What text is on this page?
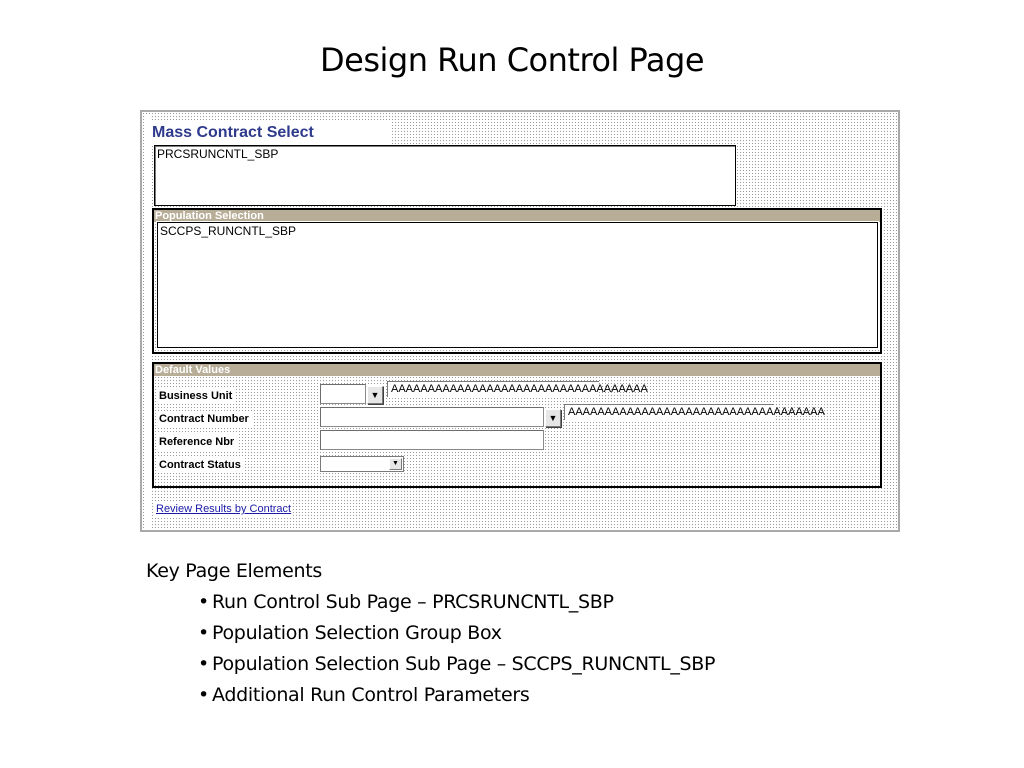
Design Run Control Page
Mass Contract Select
PRCSRUNCNTL_SBP
Population Selection
SCCPS_RUNCNTL_SBP
Default Values
Business Unit	▼	AAAAAAAAAAAAAAAAAAAAAAAAAAAAAAAAAAA
Contract Number	▼ AAAAAAAAAAAAAAAAAAAAAAAAAAAAAAAAAAA
Reference Nbr
Contract Status	▼
Review Results by Contract
Key Page Elements
• Run Control Sub Page – PRCSRUNCNTL_SBP
• Population Selection Group Box
• Population Selection Sub Page – SCCPS_RUNCNTL_SBP
• Additional Run Control Parameters
